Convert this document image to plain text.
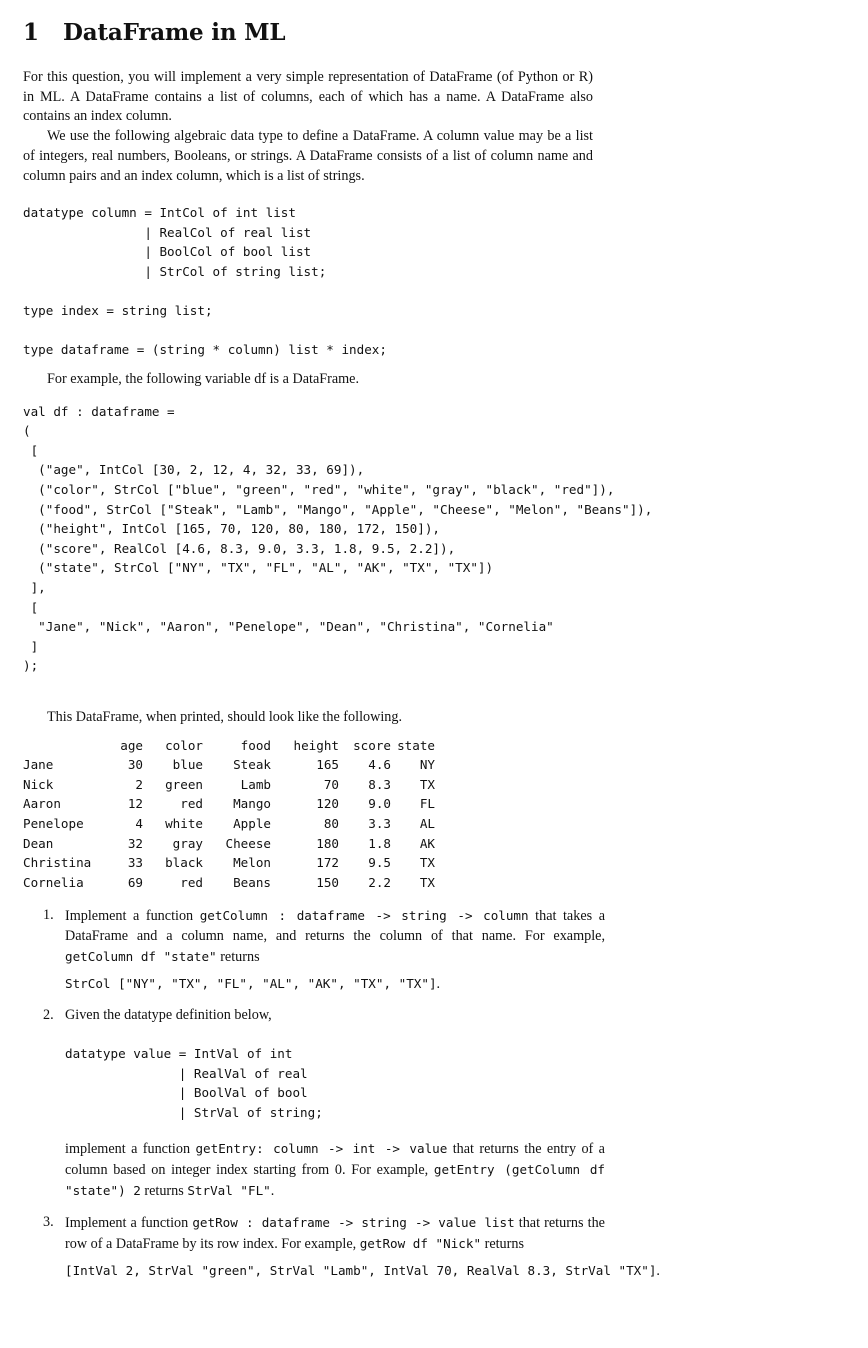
1 DataFrame in ML

For this question, you will implement a very simple representation of DataFrame (of Python or R) in ML. A DataFrame contains a list of columns, each of which has a name. A DataFrame also contains an index column.

We use the following algebraic data type to define a DataFrame. A column value may be a list of integers, real numbers, Booleans, or strings. A DataFrame consists of a list of column name and column pairs and an index column, which is a list of strings.

datatype column = IntCol of int list
| RealCol of real list
| BoolCol of bool list
| StrCol of string list;
type index = string list;
type dataframe = (string * column) list * index;

For example, the following variable df is a DataFrame.

val df : dataframe =
(
[
("age", IntCol [30, 2, 12, 4, 32, 33, 69]),
("color", StrCol ["blue", "green", "red", "white", "gray", "black", "red"]),
("food", StrCol ["Steak", "Lamb", "Mango", "Apple", "Cheese", "Melon", "Beans"]),
("height", IntCol [165, 70, 120, 80, 180, 172, 150]),
("score", RealCol [4.6, 8.3, 9.0, 3.3, 1.8, 9.5, 2.2]),
("state", StrCol ["NY", "TX", "FL", "AL", "AK", "TX", "TX"])
],
[
"Jane", "Nick", "Aaron", "Penelope", "Dean", "Christina", "Cornelia"
]
);

This DataFrame, when printed, should look like the following.

	age	color	food	height	score	state
Jane	30	blue	Steak	165	4.6	NY
Nick	2	green	Lamb	70	8.3	TX
Aaron	12	red	Mango	120	9.0	FL
Penelope	4	white	Apple	80	3.3	AL
Dean	32	gray	Cheese	180	1.8	AK
Christina	33	black	Melon	172	9.5	TX
Cornelia	69	red	Beans	150	2.2	TX
1. Implement a function getColumn : dataframe -> string -> column that takes a DataFrame and a column name, and returns the column of that name. For example, getColumn df "state" returns

StrCol ["NY", "TX", "FL", "AL", "AK", "TX", "TX"].

2. Given the datatype definition below,

datatype value = IntVal of int
| RealVal of real
| BoolVal of bool
| StrVal of string;

implement a function getEntry: column -> int -> value that returns the entry of a column based on integer index starting from 0. For example, getEntry (getColumn df "state") 2 returns StrVal "FL".

3. Implement a function getRow : dataframe -> string -> value list that returns the row of a DataFrame by its row index. For example, getRow df "Nick" returns

[IntVal 2, StrVal "green", StrVal "Lamb", IntVal 70, RealVal 8.3, StrVal "TX"].
